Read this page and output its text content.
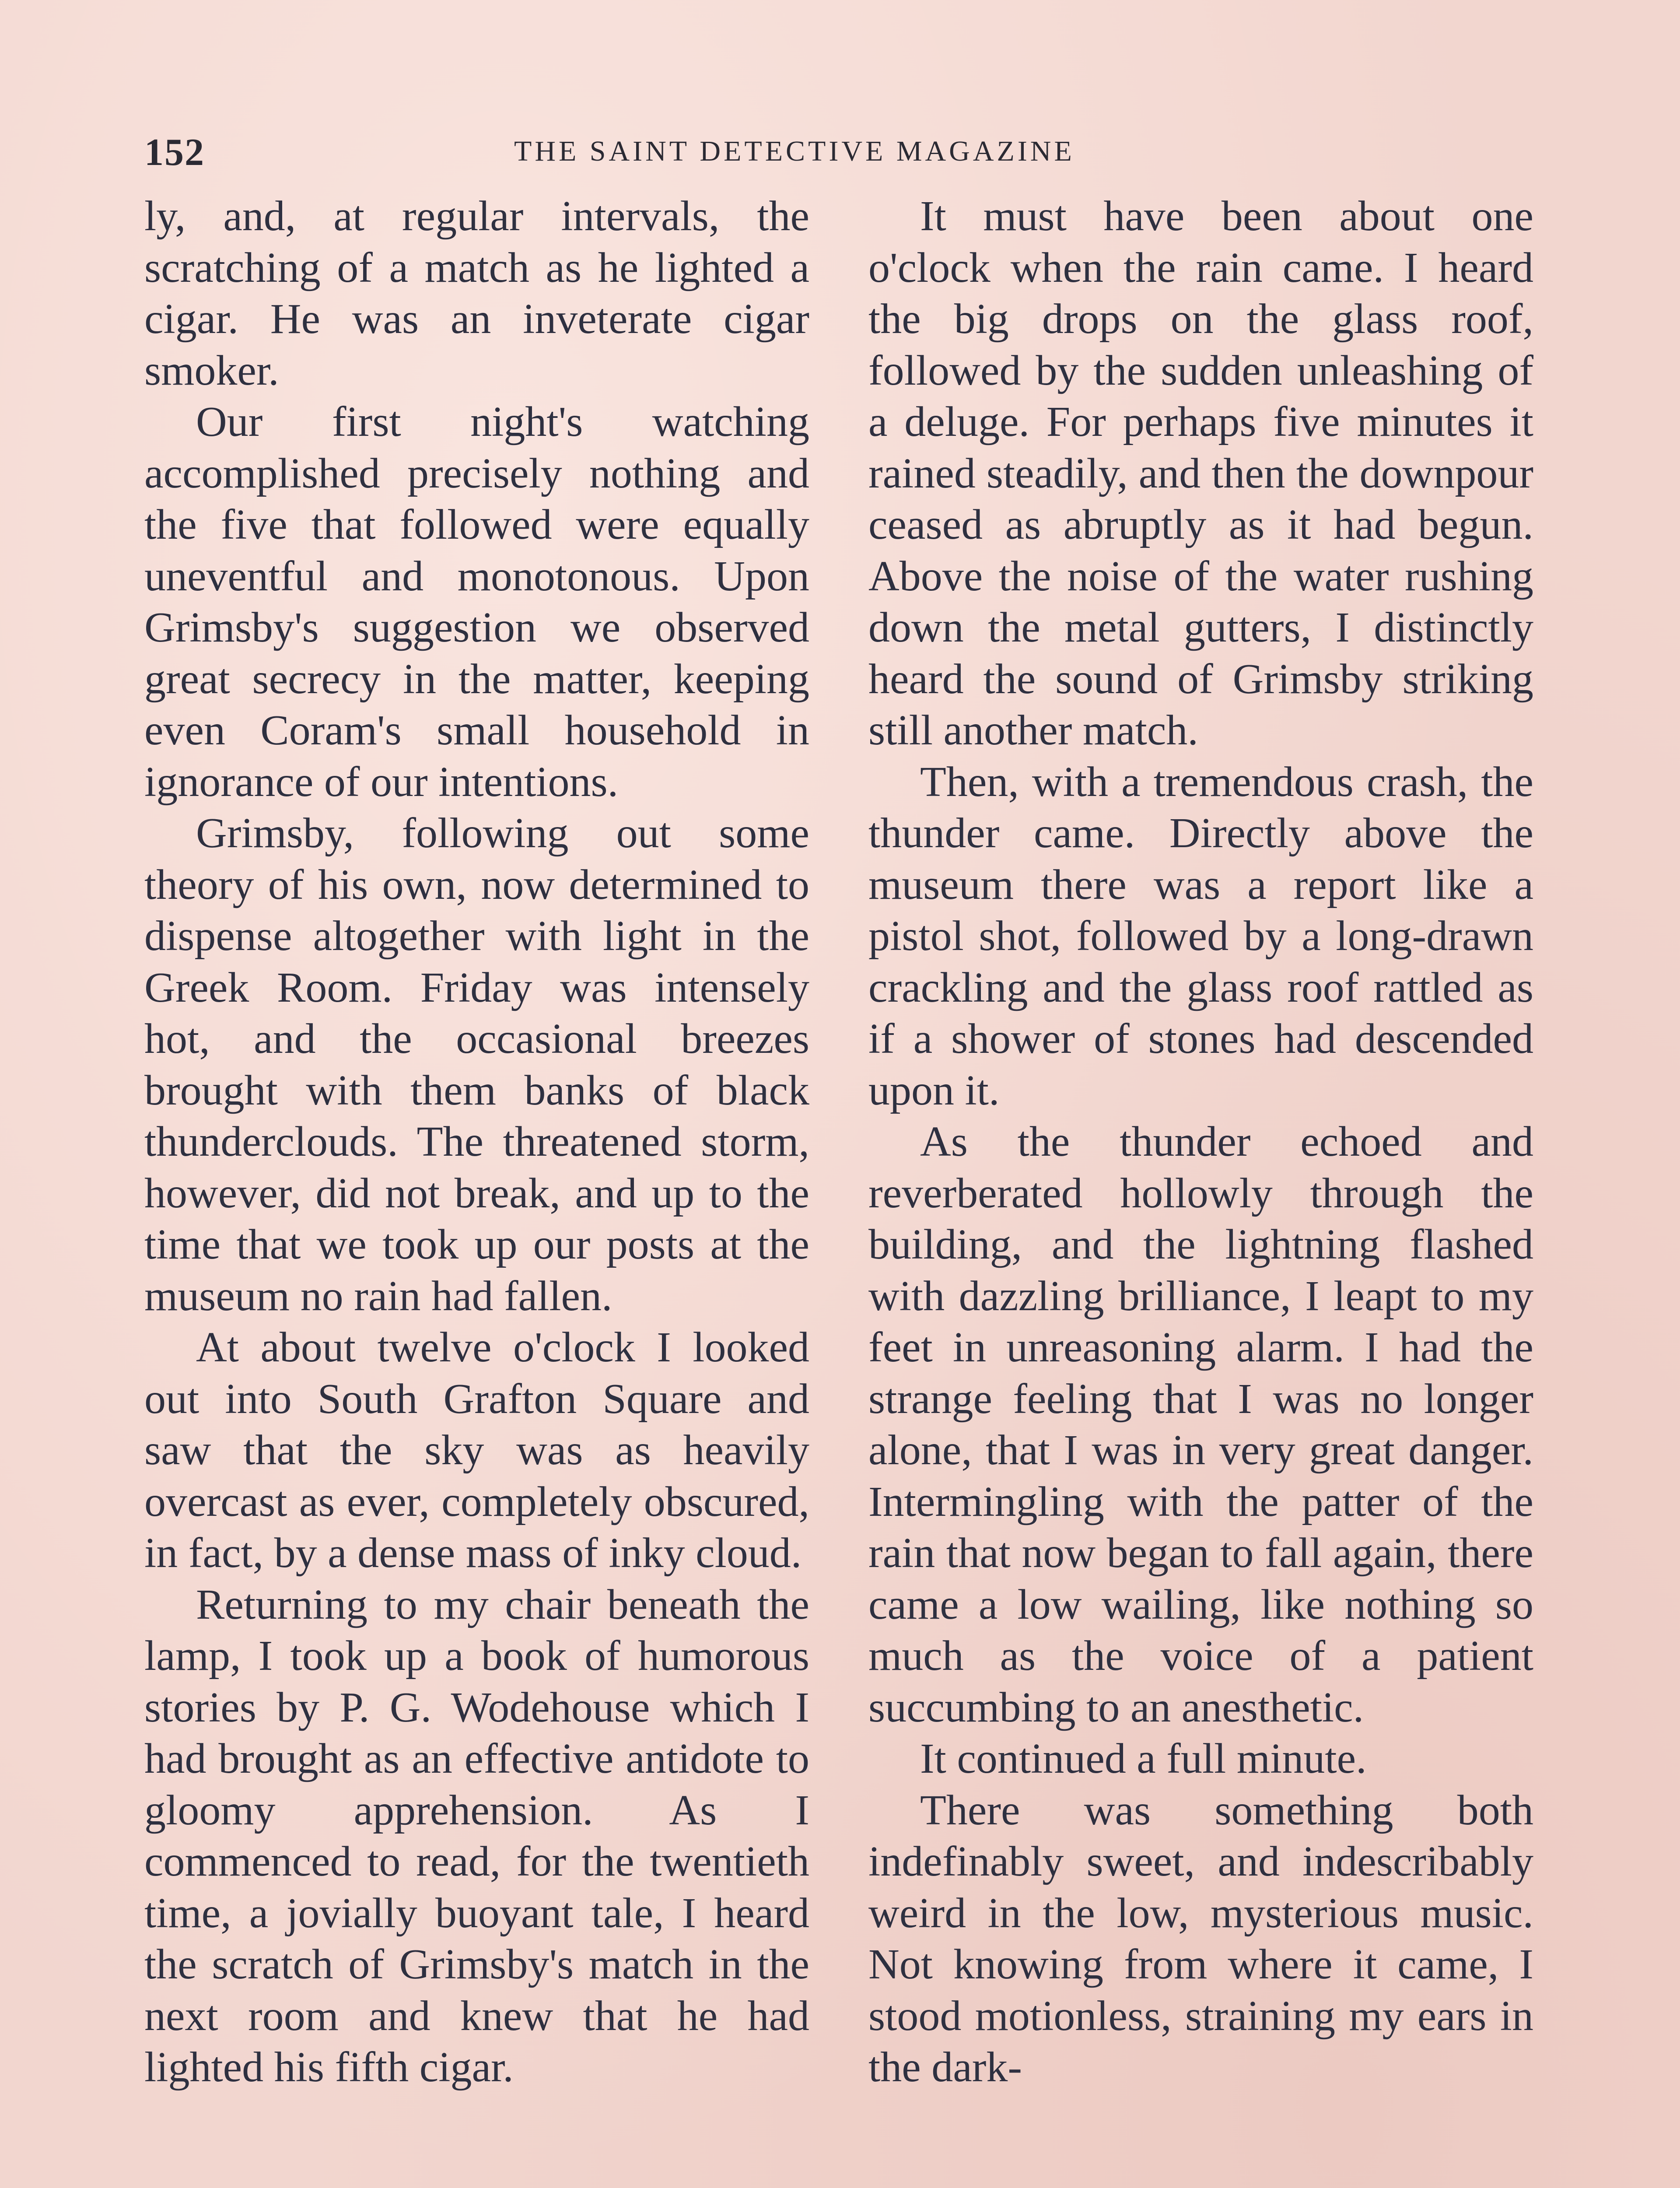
152	THE SAINT DETECTIVE MAGAZINE

ly, and, at regular intervals, the scratching of a match as he lighted a cigar. He was an inveterate cigar smoker.

Our first night's watching accomplished precisely nothing and the five that followed were equally uneventful and monotonous. Upon Grimsby's suggestion we observed great secrecy in the matter, keeping even Coram's small household in ignorance of our intentions.

Grimsby, following out some theory of his own, now determined to dispense altogether with light in the Greek Room. Friday was intensely hot, and the occasional breezes brought with them banks of black thunderclouds. The threatened storm, however, did not break, and up to the time that we took up our posts at the museum no rain had fallen.

At about twelve o'clock I looked out into South Grafton Square and saw that the sky was as heavily overcast as ever, completely obscured, in fact, by a dense mass of inky cloud.

Returning to my chair beneath the lamp, I took up a book of humorous stories by P. G. Wodehouse which I had brought as an effective antidote to gloomy apprehension. As I commenced to read, for the twentieth time, a jovially buoyant tale, I heard the scratch of Grimsby's match in the next room and knew that he had lighted his fifth cigar.

It must have been about one o'clock when the rain came. I heard the big drops on the glass roof, followed by the sudden unleashing of a deluge. For perhaps five minutes it rained steadily, and then the downpour ceased as abruptly as it had begun. Above the noise of the water rushing down the metal gutters, I distinctly heard the sound of Grimsby striking still another match.

Then, with a tremendous crash, the thunder came. Directly above the museum there was a report like a pistol shot, followed by a long-drawn crackling and the glass roof rattled as if a shower of stones had descended upon it.

As the thunder echoed and reverberated hollowly through the building, and the lightning flashed with dazzling brilliance, I leapt to my feet in unreasoning alarm. I had the strange feeling that I was no longer alone, that I was in very great danger. Intermingling with the patter of the rain that now began to fall again, there came a low wailing, like nothing so much as the voice of a patient succumbing to an anesthetic.

It continued a full minute.

There was something both indefinably sweet, and indescribably weird in the low, mysterious music. Not knowing from where it came, I stood motionless, straining my ears in the dark-
